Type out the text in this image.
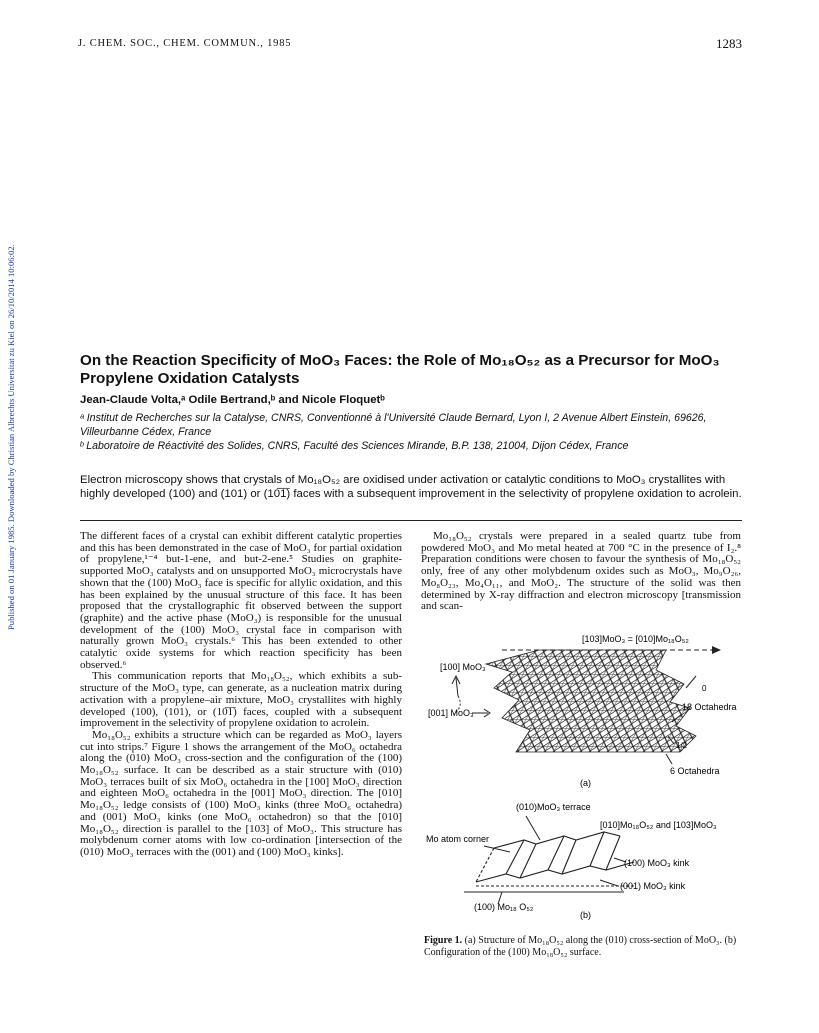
J. CHEM. SOC., CHEM. COMMUN., 1985	1283
Published on 01 January 1985. Downloaded by Christian Albrechts Universitat zu Kiel on 26/10/2014 10:06:02.	On the Reaction Specificity of MoO₃ Faces: the Role of Mo₁₈O₅₂ as a Precursor for MoO₃ Propylene Oxidation Catalysts
Jean-Claude Volta,ᵃ Odile Bertrand,ᵇ and Nicole Floquetᵇ
ᵃ Institut de Recherches sur la Catalyse, CNRS, Conventionné à l'Université Claude Bernard, Lyon I, 2 Avenue Albert Einstein, 69626, Villeurbanne Cédex, France
ᵇ Laboratoire de Réactivité des Solides, CNRS, Faculté des Sciences Mirande, B.P. 138, 21004, Dijon Cédex, France
Electron microscopy shows that crystals of Mo₁₈O₅₂ are oxidised under activation or catalytic conditions to MoO₃ crystallites with highly developed (100) and (101) or (10̅1̅) faces with a subsequent improvement in the selectivity of propylene oxidation to acrolein.

The different faces of a crystal can exhibit different catalytic properties and this has been demonstrated in the case of MoO₃ for partial oxidation of propylene,¹⁻⁴ but-1-ene, and but-2-ene.⁵ Studies on graphite-supported MoO₃ catalysts and on unsupported MoO₃ microcrystals have shown that the (100) MoO₃ face is specific for allylic oxidation, and this has been explained by the unusual structure of this face. It has been proposed that the crystallographic fit observed between the support (graphite) and the active phase (MoO₃) is responsible for the unusual development of the (100) MoO₃ crystal face in comparison with naturally grown MoO₃ crystals.⁶ This has been extended to other catalytic oxide systems for which reaction specificity has been observed.⁶

This communication reports that Mo₁₈O₅₂, which exhibits a sub-structure of the MoO₃ type, can generate, as a nucleation matrix during activation with a propylene–air mixture, MoO₃ crystallites with highly developed (100), (101), or (10̅1̅) faces, coupled with a subsequent improvement in the selectivity of propylene oxidation to acrolein.

Mo₁₈O₅₂ exhibits a structure which can be regarded as MoO₃ layers cut into strips.⁷ Figure 1 shows the arrangement of the MoO₆ octahedra along the (010) MoO₃ cross-section and the configuration of the (100) Mo₁₈O₅₂ surface. It can be described as a stair structure with (010) MoO₃ terraces built of six MoO₆ octahedra in the [100] MoO₃ direction and eighteen MoO₆ octahedra in the [001] MoO₃ direction. The [010] Mo₁₈O₅₂ ledge consists of (100) MoO₃ kinks (three MoO₆ octahedra) and (001) MoO₃ kinks (one MoO₆ octahedron) so that the [010] Mo₁₈O₅₂ direction is parallel to the [103] of MoO₃. This structure has molybdenum corner atoms with low co-ordination [intersection of the (010) MoO₃ terraces with the (001) and (100) MoO₃ kinks].

Mo₁₈O₅₂ crystals were prepared in a sealed quartz tube from powdered MoO₃ and Mo metal heated at 700 °C in the presence of I₂.⁸ Preparation conditions were chosen to favour the synthesis of Mo₁₈O₅₂ only, free of any other molybdenum oxides such as MoO₃, Mo₉O₂₆, Mo₈O₂₃, Mo₄O₁₁, and MoO₂. The structure of the solid was then determined by X-ray diffraction and electron microscopy [transmission and scan-

[103]MoO₃ = [010]Mo₁₈O₅₂
[100] MoO₃
[001] MoO₃
0
18 Octahedra
1/2
6 Octahedra
(a)
(010)MoO₃ terrace
[010]Mo₁₈O₅₂ and [103]MoO₃
Mo atom corner
(100) MoO₃ kink
(001) MoO₃ kink
(100) Mo₁₈ O₅₂
(b)
Figure 1. (a) Structure of Mo₁₈O₅₂ along the (010) cross-section of MoO₃. (b) Configuration of the (100) Mo₁₈O₅₂ surface.
